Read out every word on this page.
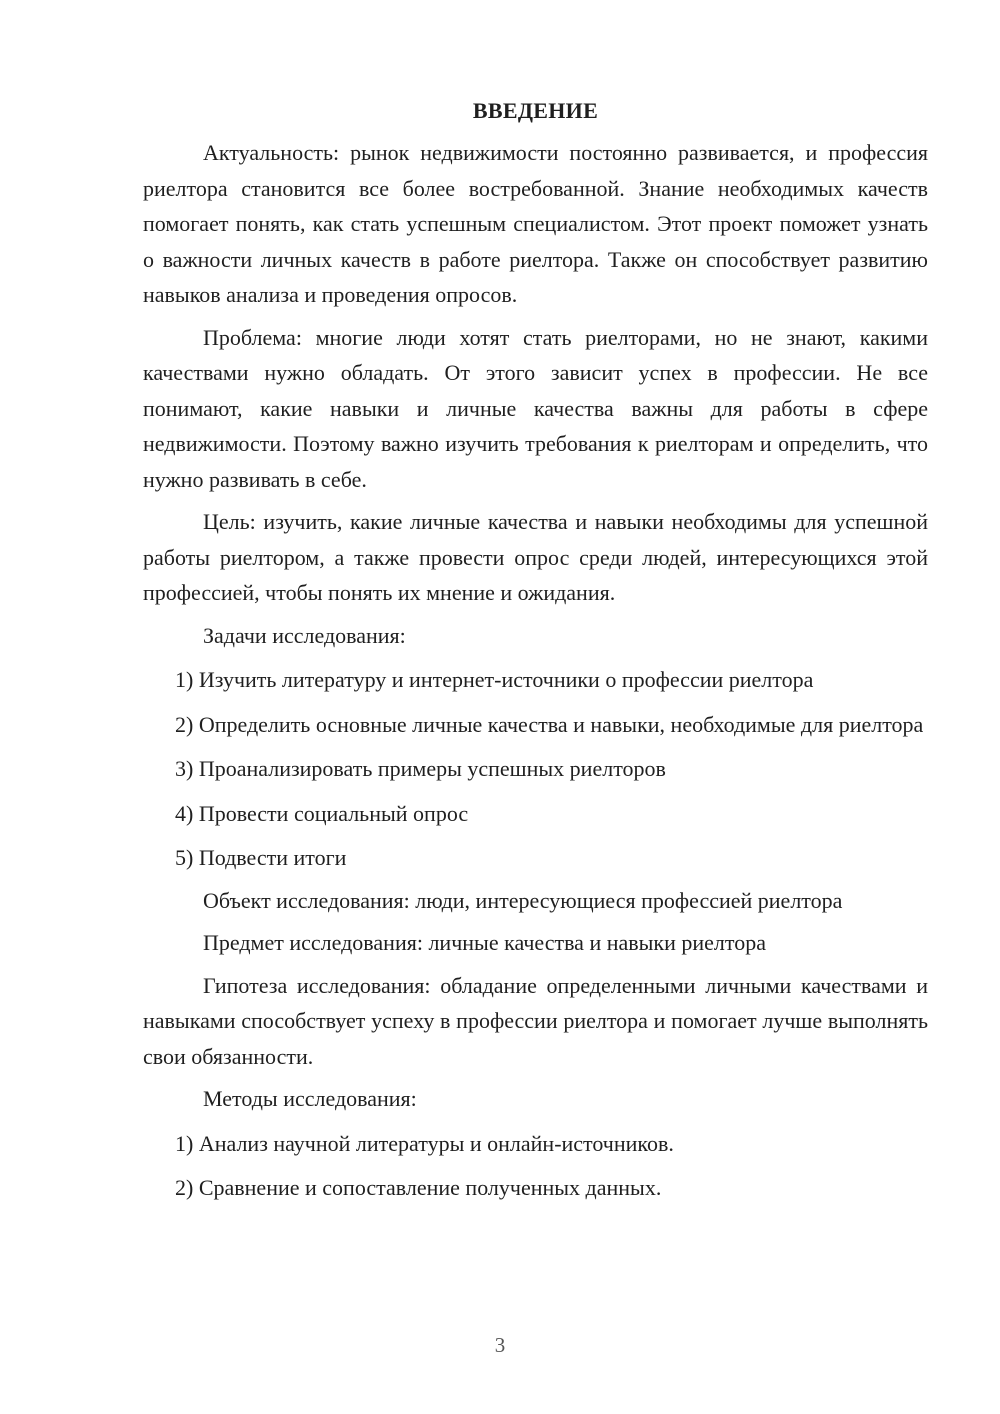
ВВЕДЕНИЕ

Актуальность: рынок недвижимости постоянно развивается, и профессия риелтора становится все более востребованной. Знание необходимых качеств помогает понять, как стать успешным специалистом. Этот проект поможет узнать о важности личных качеств в работе риелтора. Также он способствует развитию навыков анализа и проведения опросов.

Проблема: многие люди хотят стать риелторами, но не знают, какими качествами нужно обладать. От этого зависит успех в профессии. Не все понимают, какие навыки и личные качества важны для работы в сфере недвижимости. Поэтому важно изучить требования к риелторам и определить, что нужно развивать в себе.

Цель: изучить, какие личные качества и навыки необходимы для успешной работы риелтором, а также провести опрос среди людей, интересующихся этой профессией, чтобы понять их мнение и ожидания.

Задачи исследования:

1) Изучить литературу и интернет-источники о профессии риелтора

2) Определить основные личные качества и навыки, необходимые для риелтора

3) Проанализировать примеры успешных риелторов

4) Провести социальный опрос

5) Подвести итоги

Объект исследования: люди, интересующиеся профессией риелтора

Предмет исследования: личные качества и навыки риелтора

Гипотеза исследования: обладание определенными личными качествами и навыками способствует успеху в профессии риелтора и помогает лучше выполнять свои обязанности.

Методы исследования:

1) Анализ научной литературы и онлайн-источников.

2) Сравнение и сопоставление полученных данных.

3
